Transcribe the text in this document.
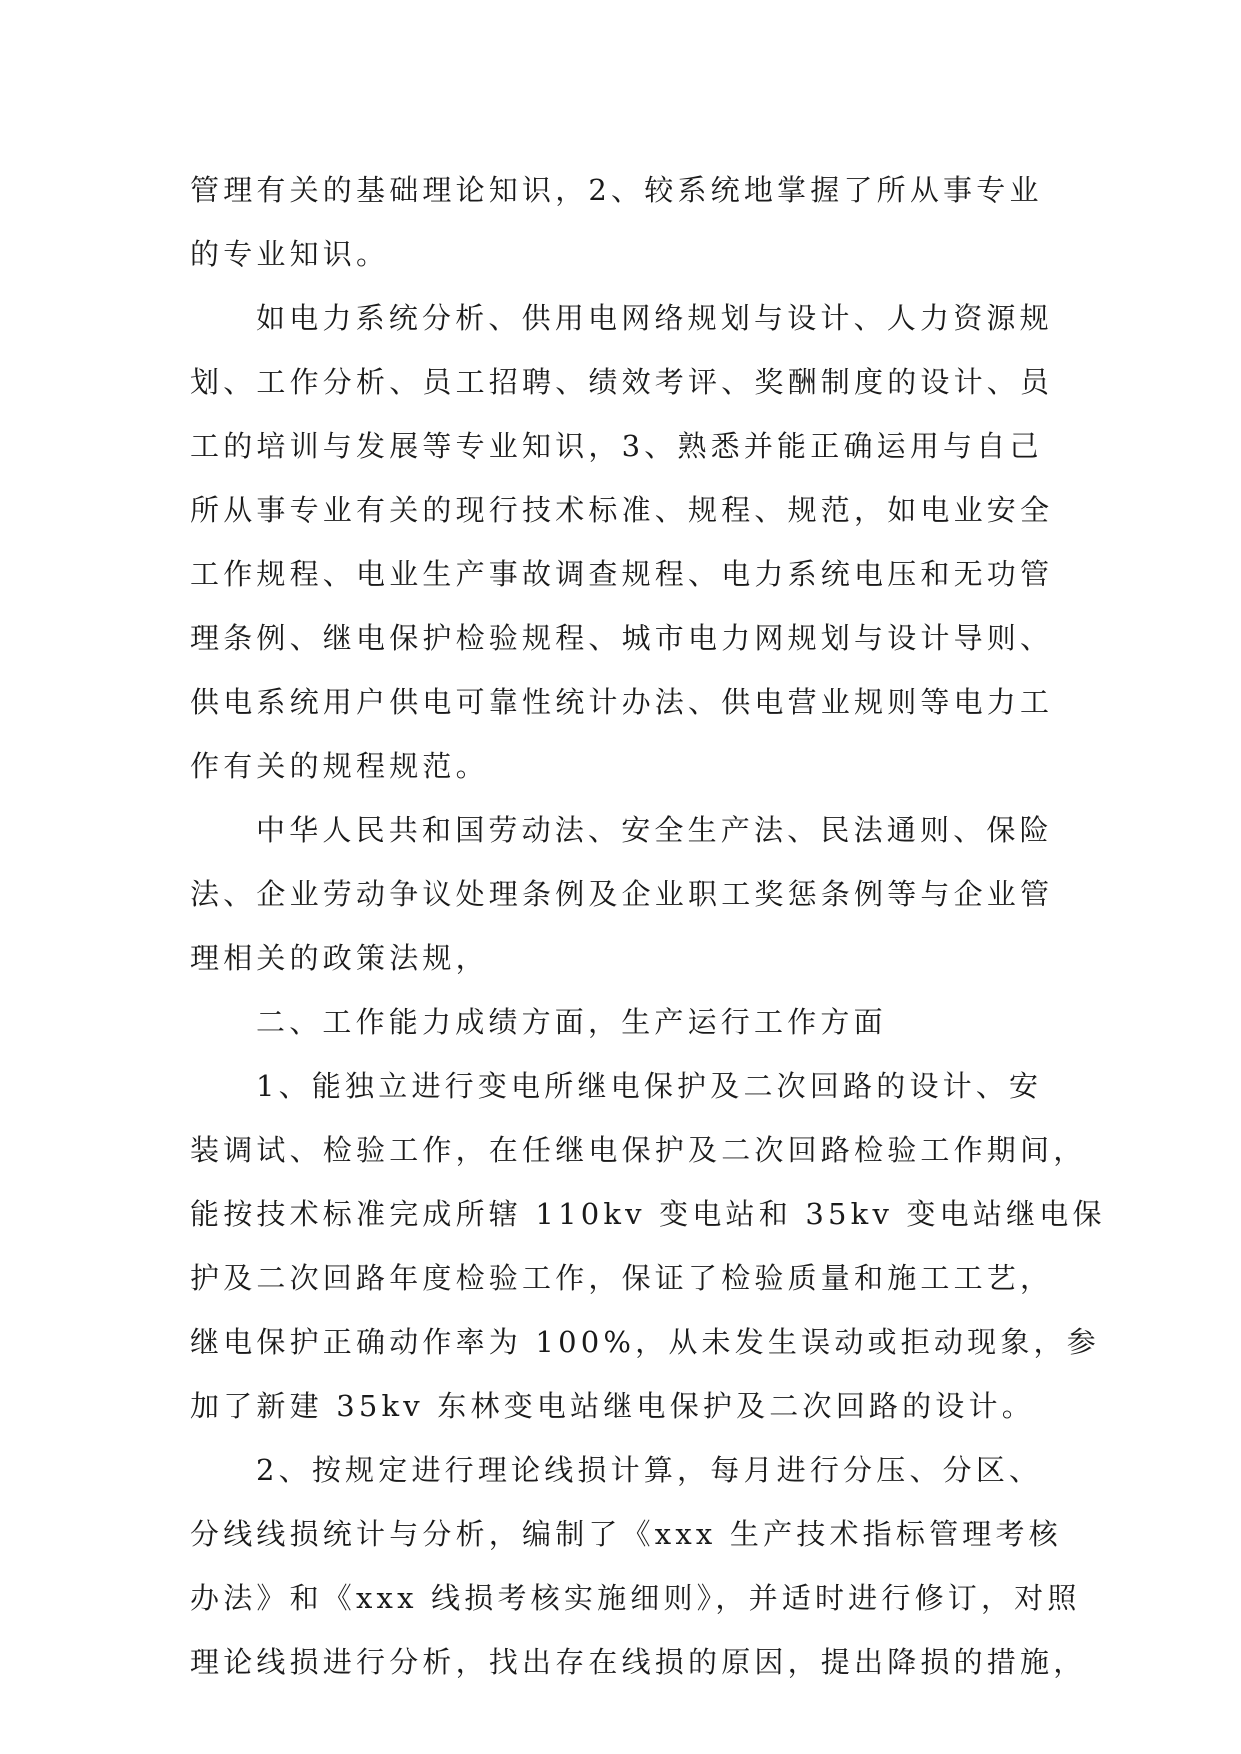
管理有关的基础理论知识，2、较系统地掌握了所从事专业
的专业知识。
如电力系统分析、供用电网络规划与设计、人力资源规
划、工作分析、员工招聘、绩效考评、奖酬制度的设计、员
工的培训与发展等专业知识，3、熟悉并能正确运用与自己
所从事专业有关的现行技术标准、规程、规范，如电业安全
工作规程、电业生产事故调查规程、电力系统电压和无功管
理条例、继电保护检验规程、城市电力网规划与设计导则、
供电系统用户供电可靠性统计办法、供电营业规则等电力工
作有关的规程规范。
中华人民共和国劳动法、安全生产法、民法通则、保险
法、企业劳动争议处理条例及企业职工奖惩条例等与企业管
理相关的政策法规，
二、工作能力成绩方面，生产运行工作方面
1、能独立进行变电所继电保护及二次回路的设计、安
装调试、检验工作，在任继电保护及二次回路检验工作期间，
能按技术标准完成所辖 110kv 变电站和 35kv 变电站继电保
护及二次回路年度检验工作，保证了检验质量和施工工艺，
继电保护正确动作率为 100%，从未发生误动或拒动现象，参
加了新建 35kv 东林变电站继电保护及二次回路的设计。
2、按规定进行理论线损计算，每月进行分压、分区、
分线线损统计与分析，编制了《xxx 生产技术指标管理考核
办法》和《xxx 线损考核实施细则》，并适时进行修订，对照
理论线损进行分析，找出存在线损的原因，提出降损的措施，
